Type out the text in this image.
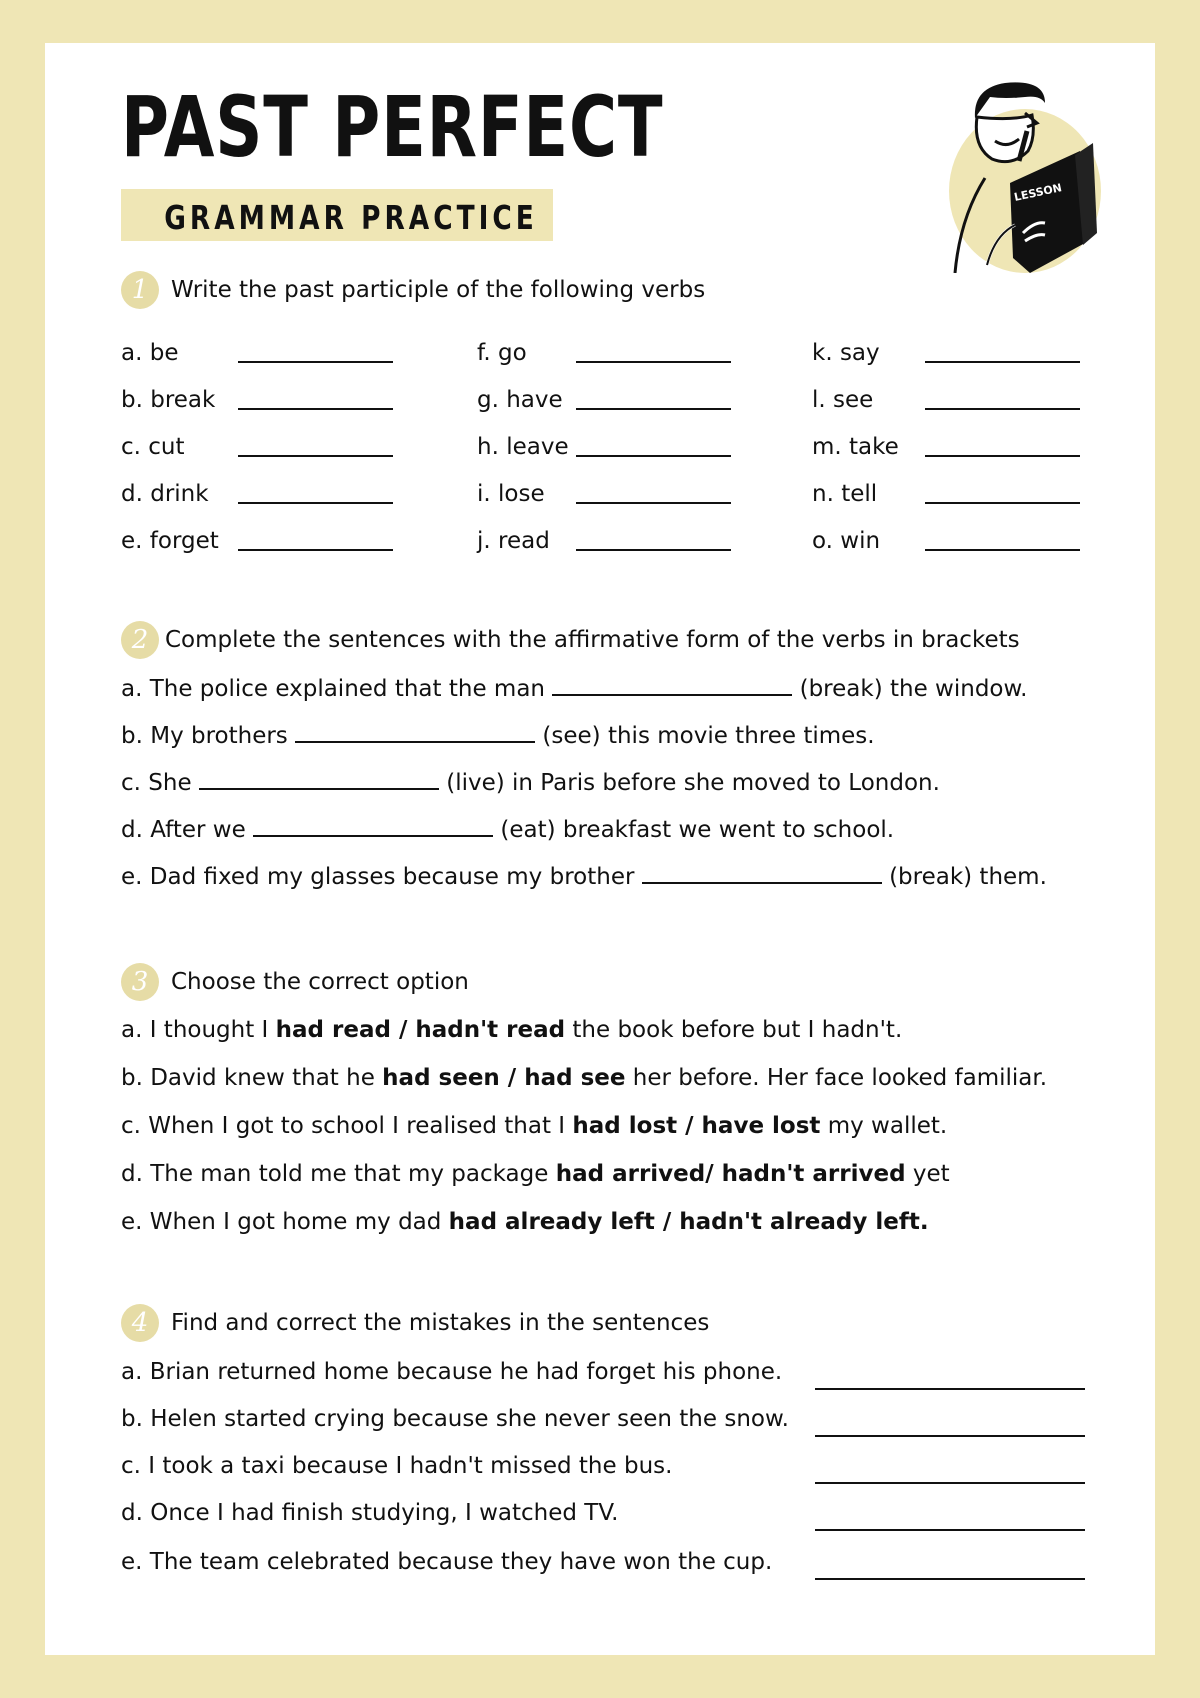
PAST PERFECT
GRAMMAR PRACTICE
LESSON
1 Write the past participle of the following verbs
a. be
b. break
c. cut
d. drink
e. forget
f. go
g. have
h. leave
i. lose
j. read
k. say
l. see
m. take
n. tell
o. win
2 Complete the sentences with the affirmative form of the verbs in brackets
a. The police explained that the man	(break) the window.
b. My brothers	(see) this movie three times.
c. She	(live) in Paris before she moved to London.
d. After we	(eat) breakfast we went to school.
e. Dad fixed my glasses because my brother	(break) them.
3 Choose the correct option
a. I thought I had read / hadn't read the book before but I hadn't.
b. David knew that he had seen / had see her before. Her face looked familiar.
c. When I got to school I realised that I had lost / have lost my wallet.
d. The man told me that my package had arrived/ hadn't arrived yet
e. When I got home my dad had already left / hadn't already left.
4 Find and correct the mistakes in the sentences
a. Brian returned home because he had forget his phone.
b. Helen started crying because she never seen the snow.
c. I took a taxi because I hadn't missed the bus.
d. Once I had finish studying, I watched TV.
e. The team celebrated because they have won the cup.
